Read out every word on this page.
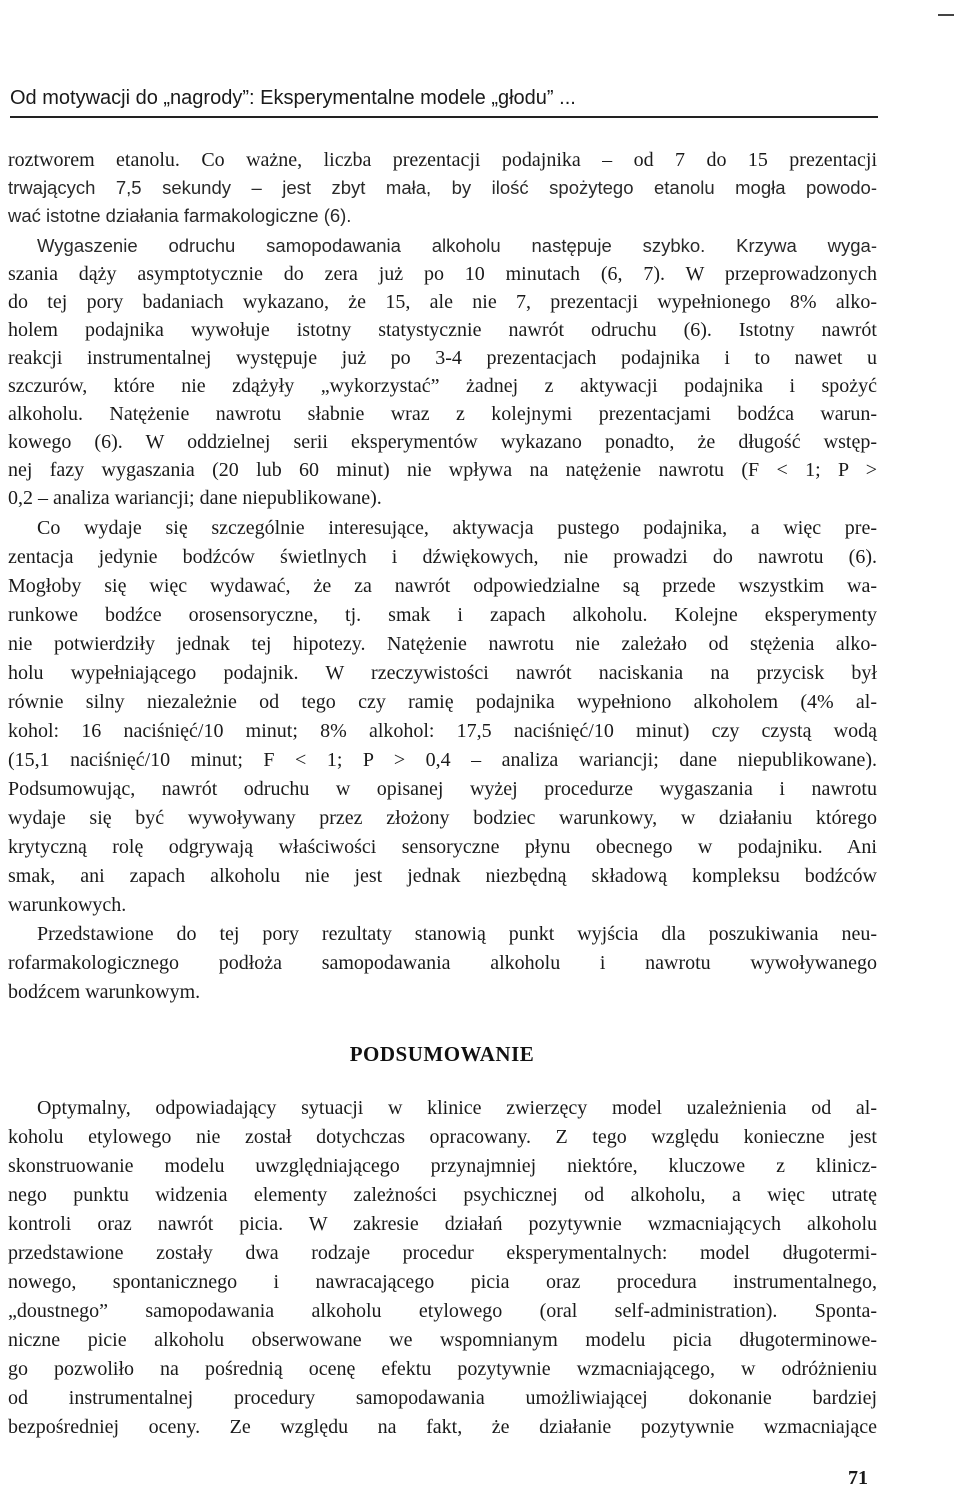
Od motywacji do „nagrody”: Eksperymentalne modele „głodu” ...
roztworem etanolu. Co ważne, liczba prezentacji podajnika – od 7 do 15 prezentacji
trwających 7,5 sekundy – jest zbyt mała, by ilość spożytego etanolu mogła powodo-
wać istotne działania farmakologiczne (6).
Wygaszenie odruchu samopodawania alkoholu następuje szybko. Krzywa wyga-
szania dąży asymptotycznie do zera już po 10 minutach (6, 7). W przeprowadzonych
do tej pory badaniach wykazano, że 15, ale nie 7, prezentacji wypełnionego 8% alko-
holem podajnika wywołuje istotny statystycznie nawrót odruchu (6). Istotny nawrót
reakcji instrumentalnej występuje już po 3-4 prezentacjach podajnika i to nawet u
szczurów, które nie zdążyły „wykorzystać” żadnej z aktywacji podajnika i spożyć
alkoholu. Natężenie nawrotu słabnie wraz z kolejnymi prezentacjami bodźca warun-
kowego (6). W oddzielnej serii eksperymentów wykazano ponadto, że długość wstęp-
nej fazy wygaszania (20 lub 60 minut) nie wpływa na natężenie nawrotu (F < 1; P >
0,2 – analiza wariancji; dane niepublikowane).
Co wydaje się szczególnie interesujące, aktywacja pustego podajnika, a więc pre-
zentacja jedynie bodźców świetlnych i dźwiękowych, nie prowadzi do nawrotu (6).
Mogłoby się więc wydawać, że za nawrót odpowiedzialne są przede wszystkim wa-
runkowe bodźce orosensoryczne, tj. smak i zapach alkoholu. Kolejne eksperymenty
nie potwierdziły jednak tej hipotezy. Natężenie nawrotu nie zależało od stężenia alko-
holu wypełniającego podajnik. W rzeczywistości nawrót naciskania na przycisk był
równie silny niezależnie od tego czy ramię podajnika wypełniono alkoholem (4% al-
kohol: 16 naciśnięć/10 minut; 8% alkohol: 17,5 naciśnięć/10 minut) czy czystą wodą
(15,1 naciśnięć/10 minut; F < 1; P > 0,4 – analiza wariancji; dane niepublikowane).
Podsumowując, nawrót odruchu w opisanej wyżej procedurze wygaszania i nawrotu
wydaje się być wywoływany przez złożony bodziec warunkowy, w działaniu którego
krytyczną rolę odgrywają właściwości sensoryczne płynu obecnego w podajniku. Ani
smak, ani zapach alkoholu nie jest jednak niezbędną składową kompleksu bodźców
warunkowych.
Przedstawione do tej pory rezultaty stanowią punkt wyjścia dla poszukiwania neu-
rofarmakologicznego podłoża samopodawania alkoholu i nawrotu wywoływanego
bodźcem warunkowym.
PODSUMOWANIE
Optymalny, odpowiadający sytuacji w klinice zwierzęcy model uzależnienia od al-
koholu etylowego nie został dotychczas opracowany. Z tego względu konieczne jest
skonstruowanie modelu uwzględniającego przynajmniej niektóre, kluczowe z klinicz-
nego punktu widzenia elementy zależności psychicznej od alkoholu, a więc utratę
kontroli oraz nawrót picia. W zakresie działań pozytywnie wzmacniających alkoholu
przedstawione zostały dwa rodzaje procedur eksperymentalnych: model długotermi-
nowego, spontanicznego i nawracającego picia oraz procedura instrumentalnego,
„doustnego” samopodawania alkoholu etylowego (oral self-administration). Sponta-
niczne picie alkoholu obserwowane we wspomnianym modelu picia długoterminowe-
go pozwoliło na pośrednią ocenę efektu pozytywnie wzmacniającego, w odróżnieniu
od instrumentalnej procedury samopodawania umożliwiającej dokonanie bardziej
bezpośredniej oceny. Ze względu na fakt, że działanie pozytywnie wzmacniające
71
